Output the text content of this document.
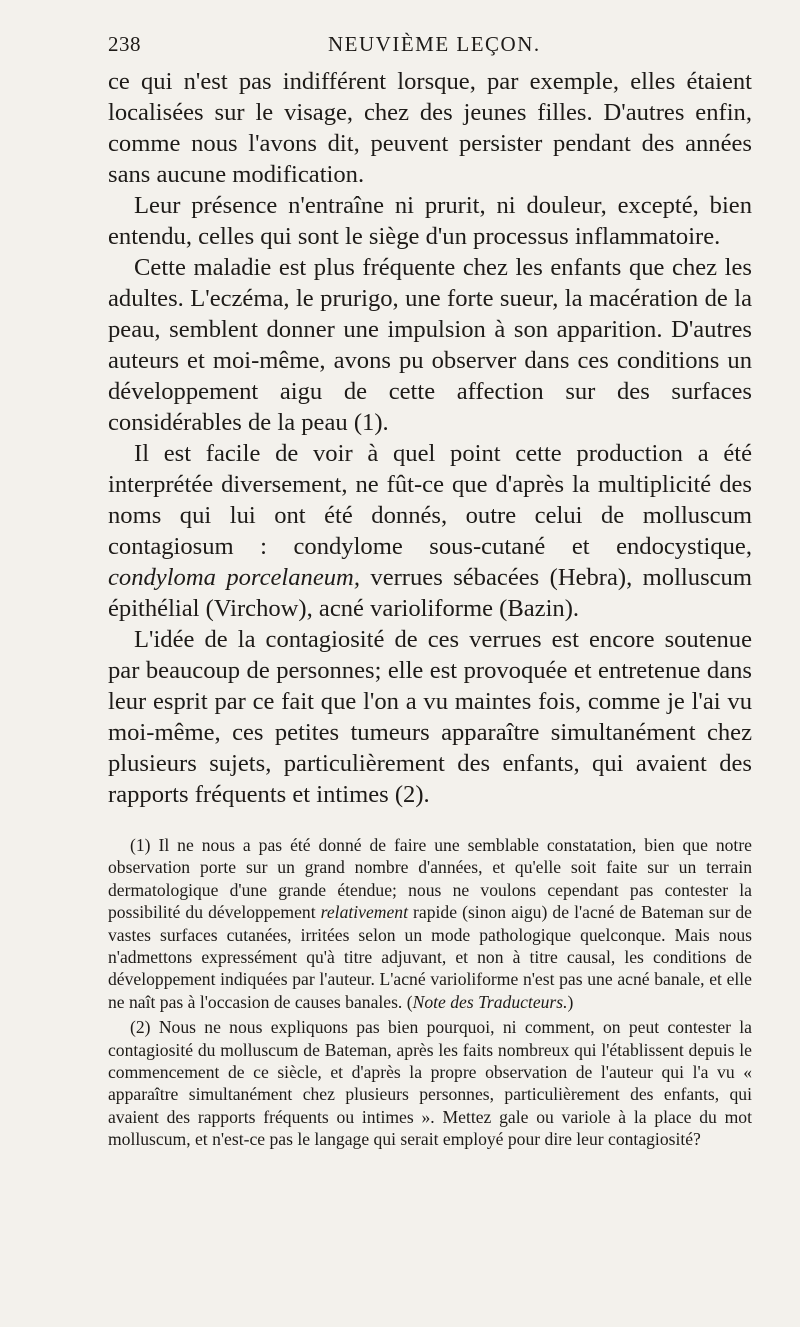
238	NEUVIÈME LEÇON.

ce qui n'est pas indifférent lorsque, par exemple, elles étaient localisées sur le visage, chez des jeunes filles. D'autres enfin, comme nous l'avons dit, peuvent persister pendant des années sans aucune modification.

Leur présence n'entraîne ni prurit, ni douleur, excepté, bien entendu, celles qui sont le siège d'un processus inflammatoire.

Cette maladie est plus fréquente chez les enfants que chez les adultes. L'eczéma, le prurigo, une forte sueur, la macération de la peau, semblent donner une impulsion à son apparition. D'autres auteurs et moi-même, avons pu observer dans ces conditions un développement aigu de cette affection sur des surfaces considérables de la peau (1).

Il est facile de voir à quel point cette production a été interprétée diversement, ne fût-ce que d'après la multiplicité des noms qui lui ont été donnés, outre celui de molluscum contagiosum : condylome sous-cutané et endocystique, condyloma porcelaneum, verrues sébacées (Hebra), molluscum épithélial (Virchow), acné varioliforme (Bazin).

L'idée de la contagiosité de ces verrues est encore soutenue par beaucoup de personnes; elle est provoquée et entretenue dans leur esprit par ce fait que l'on a vu maintes fois, comme je l'ai vu moi-même, ces petites tumeurs apparaître simultanément chez plusieurs sujets, particulièrement des enfants, qui avaient des rapports fréquents et intimes (2).

(1) Il ne nous a pas été donné de faire une semblable constatation, bien que notre observation porte sur un grand nombre d'années, et qu'elle soit faite sur un terrain dermatologique d'une grande étendue; nous ne voulons cependant pas contester la possibilité du développement relativement rapide (sinon aigu) de l'acné de Bateman sur de vastes surfaces cutanées, irritées selon un mode pathologique quelconque. Mais nous n'admettons expressément qu'à titre adjuvant, et non à titre causal, les conditions de développement indiquées par l'auteur. L'acné varioliforme n'est pas une acné banale, et elle ne naît pas à l'occasion de causes banales. (Note des Traducteurs.)

(2) Nous ne nous expliquons pas bien pourquoi, ni comment, on peut contester la contagiosité du molluscum de Bateman, après les faits nombreux qui l'établissent depuis le commencement de ce siècle, et d'après la propre observation de l'auteur qui l'a vu « apparaître simultanément chez plusieurs personnes, particulièrement des enfants, qui avaient des rapports fréquents ou intimes ». Mettez gale ou variole à la place du mot molluscum, et n'est-ce pas le langage qui serait employé pour dire leur contagiosité?
